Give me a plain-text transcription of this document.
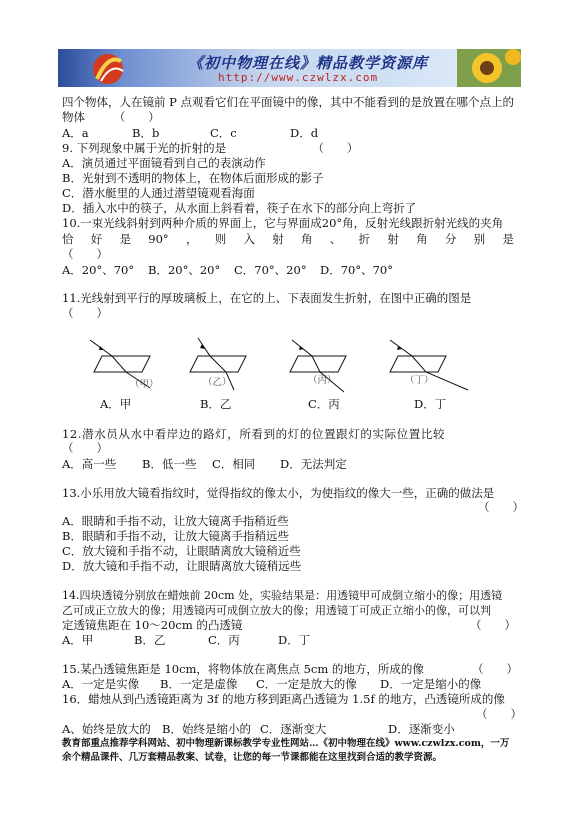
《初中物理在线》精品教学资源库
http://www.czwlzx.com
四个物体，人在镜前 P 点观看它们在平面镜中的像，其中不能看到的是放置在哪个点上的
物体　　　（　　）
A．a	B．b	C．c	D．d
9. 下列现象中属于光的折射的是　　　　　　　　（　　）
A．演员通过平面镜看到自己的表演动作
B．光射到不透明的物体上，在物体后面形成的影子
C．潜水艇里的人通过潜望镜观看海面
D．插入水中的筷子，从水面上斜看着，筷子在水下的部分向上弯折了
10.一束光线斜射到两种介质的界面上，它与界面成20°角，反射光线跟折射光线的夹角
恰 好 是 90° ， 则 入 射 角 、 折 射 角 分 别 是
（　　）
A．20°、70° B．20°、20° C．70°、20° D．70°、70°
11.光线射到平行的厚玻璃板上，在它的上、下表面发生折射，在图中正确的图是
（　　）
（甲）	（乙）	（丙）	（丁）
A．甲	B．乙	C．丙	D．丁
12.潜水员从水中看岸边的路灯，所看到的灯的位置跟灯的实际位置比较
（　　）
A．高一些 B．低一些 C．相同 D．无法判定
13.小乐用放大镜看指纹时，觉得指纹的像太小，为使指纹的像大一些，正确的做法是
（　　）
A．眼睛和手指不动，让放大镜离手指稍近些
B．眼睛和手指不动，让放大镜离手指稍远些
C．放大镜和手指不动，让眼睛离放大镜稍近些
D．放大镜和手指不动，让眼睛离放大镜稍远些
14.四块透镜分别放在蜡烛前 20cm 处，实验结果是：用透镜甲可成倒立缩小的像；用透镜
乙可成正立放大的像；用透镜丙可成倒立放大的像；用透镜丁可成正立缩小的像，可以判
定透镜焦距在 10～20cm 的凸透镜	（　　）
A．甲	B．乙	C．丙	D．丁
15.某凸透镜焦距是 10cm，将物体放在离焦点 5cm 的地方，所成的像	（　　）
A．一定是实像 B．一定是虚像 C．一定是放大的像 D．一定是缩小的像
16．蜡烛从到凸透镜距离为 3f 的地方移到距离凸透镜为 1.5f 的地方，凸透镜所成的像
（　　）
A、始终是放大的 B．始终是缩小的 C．逐渐变大	D．逐渐变小
教育部重点推荐学科网站、初中物理新课标教学专业性网站…《初中物理在线》www.czwlzx.com，一万
余个精品课件、几万套精品教案、试卷，让您的每一节课都能在这里找到合适的教学资源。
